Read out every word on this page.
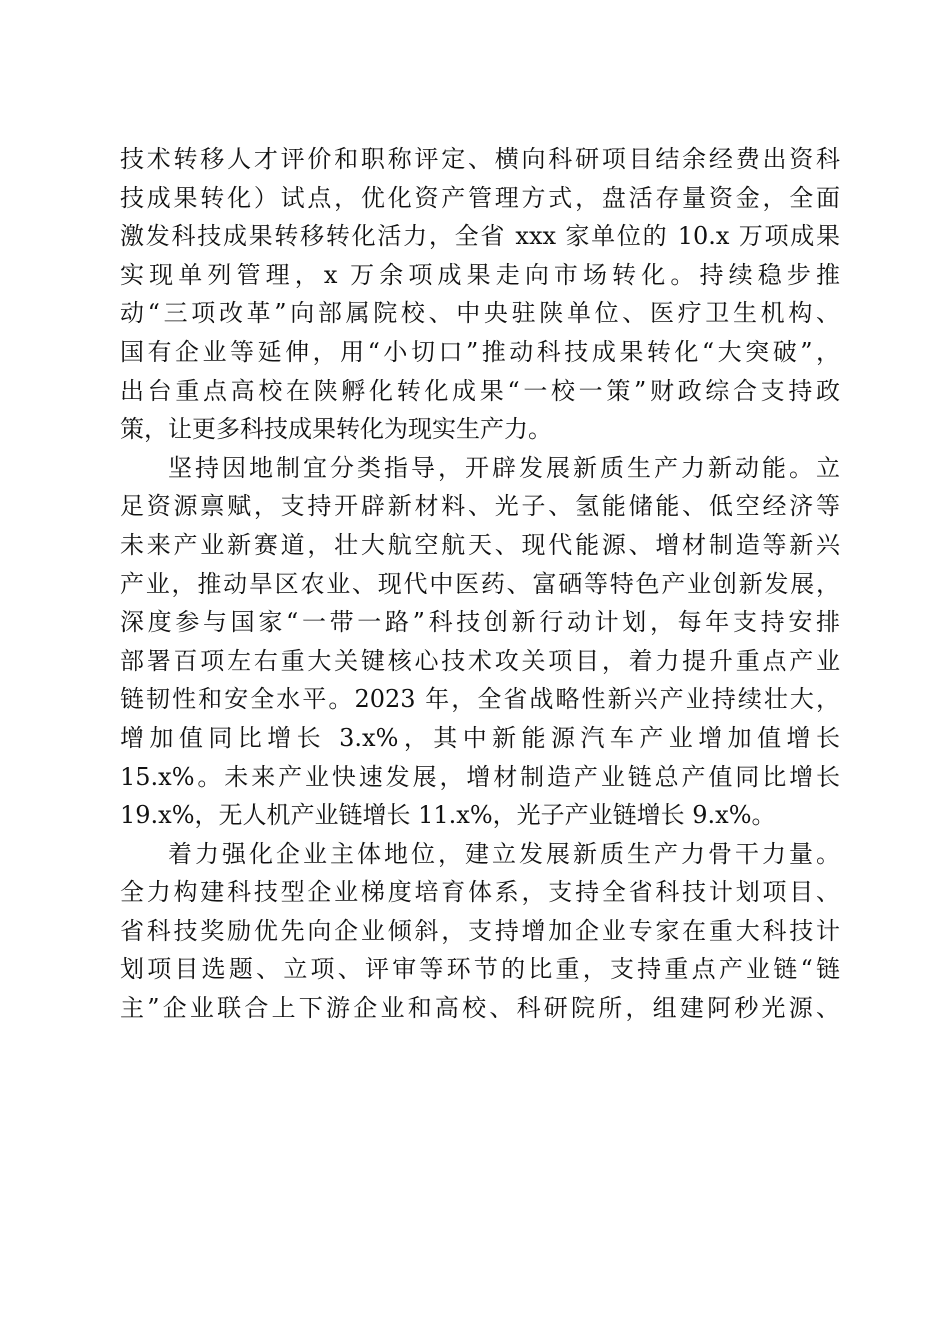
技术转移人才评价和职称评定、横向科研项目结余经费出资科
技成果转化）试点，优化资产管理方式，盘活存量资金，全面
激发科技成果转移转化活力，全省 xxx 家单位的 10.x 万项成果
实现单列管理，x 万余项成果走向市场转化。持续稳步推
动“三项改革”向部属院校、中央驻陕单位、医疗卫生机构、
国有企业等延伸，用“小切口”推动科技成果转化“大突破”，
出台重点高校在陕孵化转化成果“一校一策”财政综合支持政
策，让更多科技成果转化为现实生产力。
坚持因地制宜分类指导，开辟发展新质生产力新动能。立
足资源禀赋，支持开辟新材料、光子、氢能储能、低空经济等
未来产业新赛道，壮大航空航天、现代能源、增材制造等新兴
产业，推动旱区农业、现代中医药、富硒等特色产业创新发展，
深度参与国家“一带一路”科技创新行动计划，每年支持安排
部署百项左右重大关键核心技术攻关项目，着力提升重点产业
链韧性和安全水平。2023 年，全省战略性新兴产业持续壮大，
增加值同比增长 3.x%，其中新能源汽车产业增加值增长
15.x%。未来产业快速发展，增材制造产业链总产值同比增长
19.x%，无人机产业链增长 11.x%，光子产业链增长 9.x%。
着力强化企业主体地位，建立发展新质生产力骨干力量。
全力构建科技型企业梯度培育体系，支持全省科技计划项目、
省科技奖励优先向企业倾斜，支持增加企业专家在重大科技计
划项目选题、立项、评审等环节的比重，支持重点产业链“链
主”企业联合上下游企业和高校、科研院所，组建阿秒光源、
